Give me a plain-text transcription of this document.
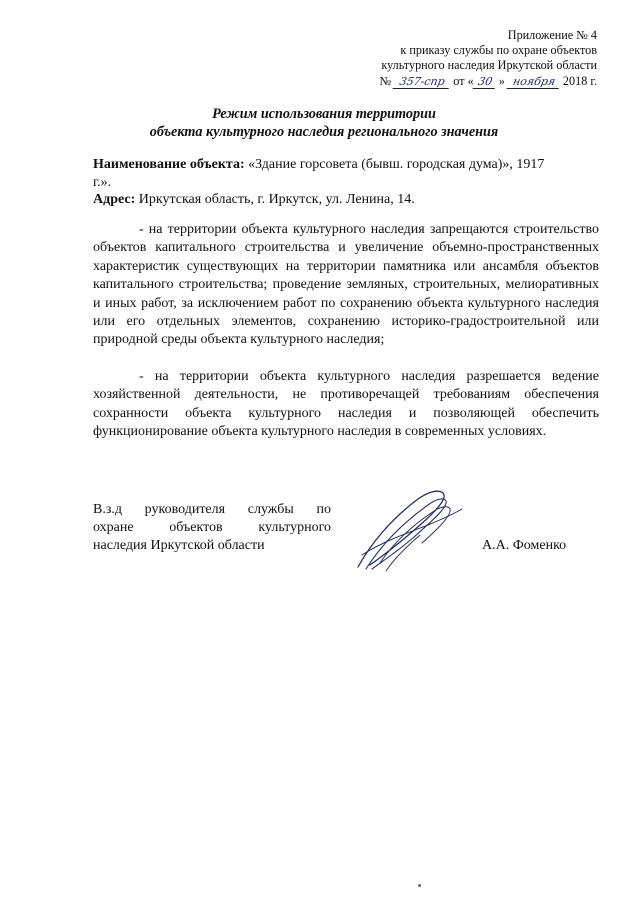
Приложение № 4
к приказу службы по охране объектов
культурного наследия Иркутской области
№ 357-спр от « 30 » ноября 2018 г.
Режим использования территории
объекта культурного наследия регионального значения

Наименование объекта: «Здание горсовета (бывш. городская дума)», 1917 г.».

Адрес: Иркутская область, г. Иркутск, ул. Ленина, 14.

- на территории объекта культурного наследия запрещаются строительство объектов капитального строительства и увеличение объемно-пространственных характеристик существующих на территории памятника или ансамбля объектов капитального строительства; проведение земляных, строительных, мелиоративных и иных работ, за исключением работ по сохранению объекта культурного наследия или его отдельных элементов, сохранению историко-градостроительной или природной среды объекта культурного наследия;

- на территории объекта культурного наследия разрешается ведение хозяйственной деятельности, не противоречащей требованиям обеспечения сохранности объекта культурного наследия и позволяющей обеспечить функционирование объекта культурного наследия в современных условиях.

В.з.д руководителя службы по
охране объектов культурного
наследия Иркутской области	А.А. Фоменко
